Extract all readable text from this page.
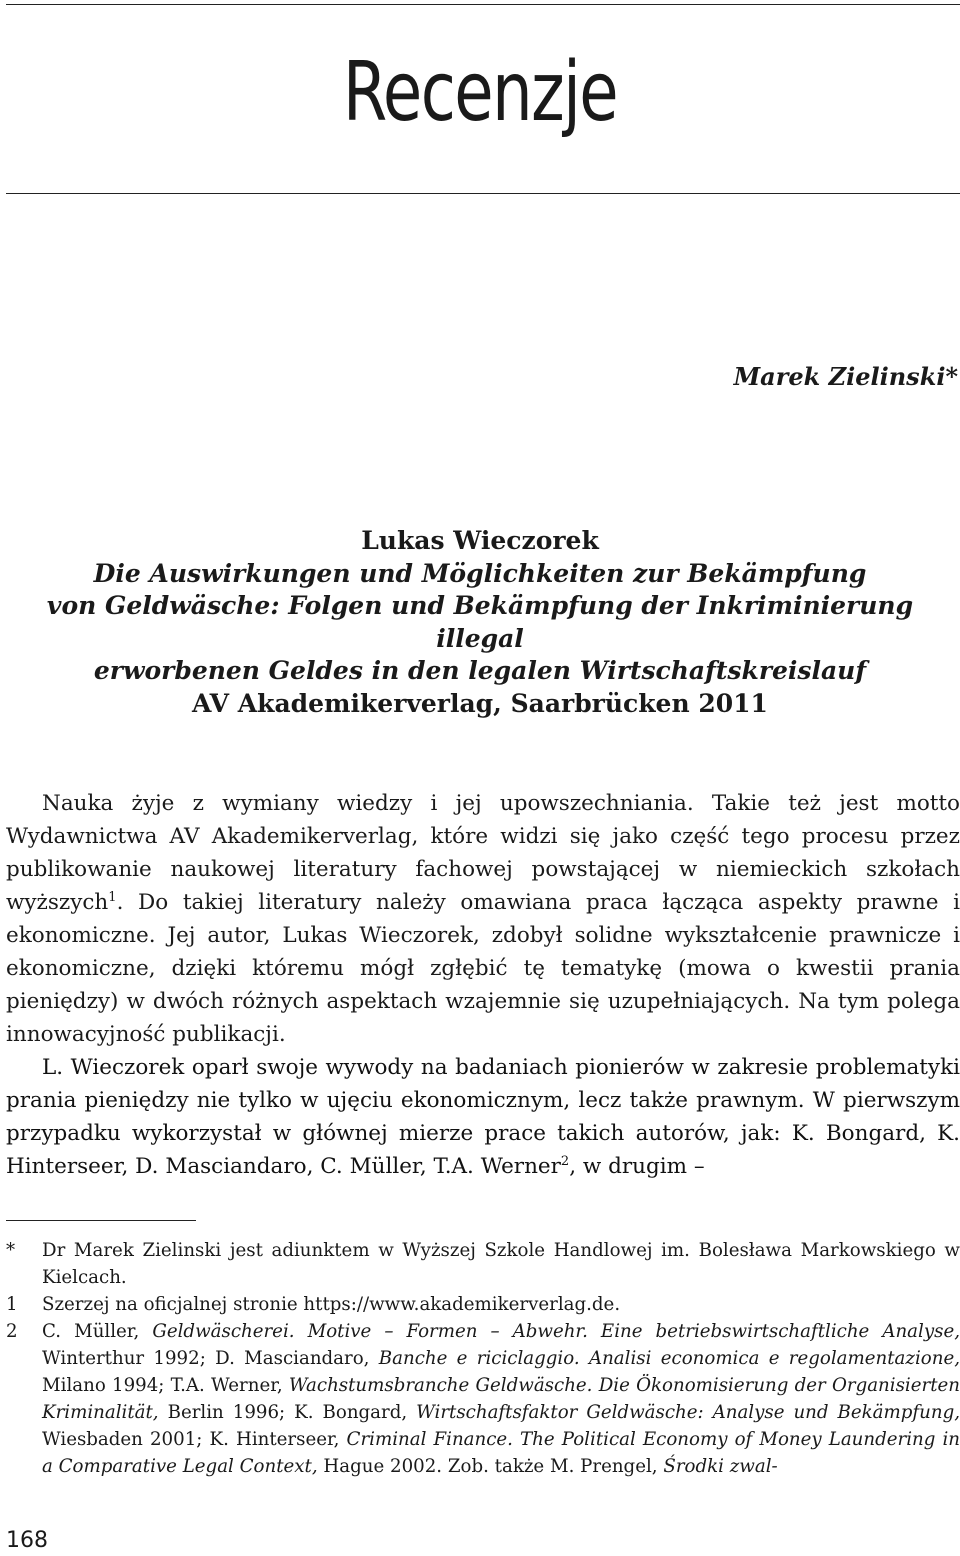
Recenzje
Marek Zielinski*
Lukas Wieczorek
Die Auswirkungen und Möglichkeiten zur Bekämpfung
von Geldwäsche: Folgen und Bekämpfung der Inkriminierung illegal
erworbenen Geldes in den legalen Wirtschaftskreislauf
AV Akademikerverlag, Saarbrücken 2011

Nauka żyje z wymiany wiedzy i jej upowszechniania. Takie też jest motto Wydawnictwa AV Akademikerverlag, które widzi się jako część tego procesu przez publikowanie naukowej literatury fachowej powstającej w niemieckich szkołach wyższych$^1$. Do takiej literatury należy omawiana praca łącząca aspekty prawne i ekonomiczne. Jej autor, Lukas Wieczorek, zdobył solidne wykształcenie prawnicze i ekonomiczne, dzięki któremu mógł zgłębić tę tematykę (mowa o kwestii prania pieniędzy) w dwóch różnych aspektach wzajemnie się uzupełniających. Na tym polega innowacyjność publikacji.

L. Wieczorek oparł swoje wywody na badaniach pionierów w zakresie problematyki prania pieniędzy nie tylko w ujęciu ekonomicznym, lecz także prawnym. W pierwszym przypadku wykorzystał w głównej mierze prace takich autorów, jak: K. Bongard, K. Hinterseer, D. Masciandaro, C. Müller, T.A. Werner$^2$, w drugim –

* Dr Marek Zielinski jest adiunktem w Wyższej Szkole Handlowej im. Bolesława Markowskiego w Kielcach.
1 Szerzej na oficjalnej stronie https://www.akademikerverlag.de.
2 C. Müller, Geldwäscherei. Motive – Formen – Abwehr. Eine betriebswirtschaftliche Analyse, Winterthur 1992; D. Masciandaro, Banche e riciclaggio. Analisi economica e regolamentazione, Milano 1994; T.A. Werner, Wachstumsbranche Geldwäsche. Die Ökonomisierung der Organisierten Kriminalität, Berlin 1996; K. Bongard, Wirtschaftsfaktor Geldwäsche: Analyse und Bekämpfung, Wiesbaden 2001; K. Hinterseer, Criminal Finance. The Political Economy of Money Laundering in a Comparative Legal Context, Hague 2002. Zob. także M. Prengel, Środki zwal-
168
